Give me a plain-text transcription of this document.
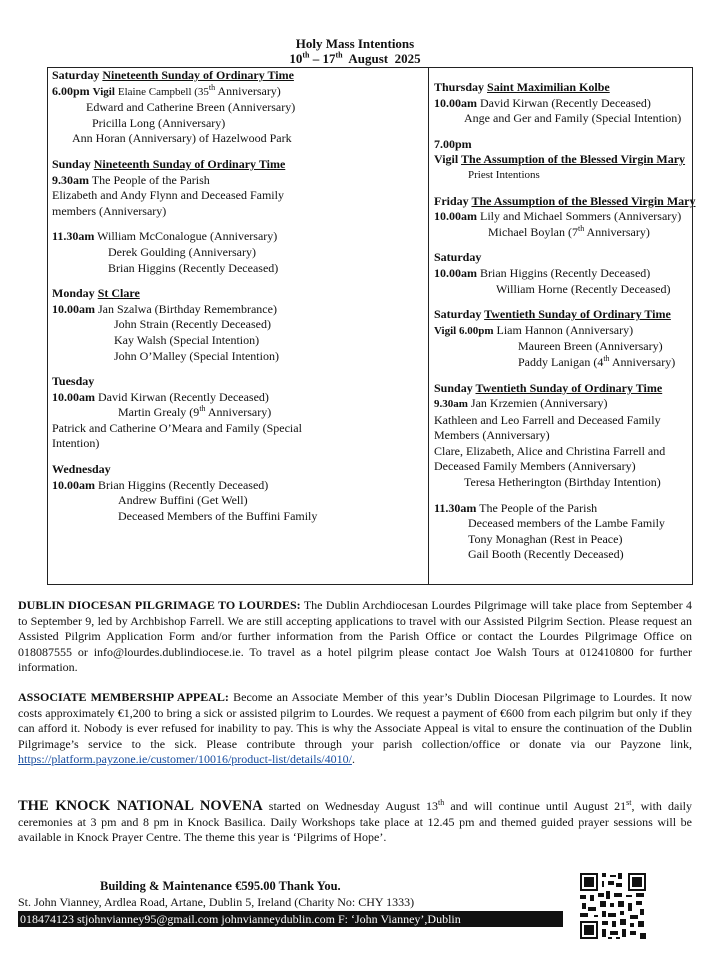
Holy Mass Intentions
10th – 17th  August  2025
Saturday Nineteenth Sunday of Ordinary Time
6.00pm Vigil Elaine Campbell (35th Anniversary)
Edward and Catherine Breen (Anniversary)
Pricilla Long (Anniversary)
Ann Horan (Anniversary) of Hazelwood Park
Sunday Nineteenth Sunday of Ordinary Time
9.30am The People of the Parish
Elizabeth and Andy Flynn and Deceased Family
members (Anniversary)
11.30am William McConalogue (Anniversary)
Derek Goulding (Anniversary)
Brian Higgins (Recently Deceased)
Monday St Clare
10.00am Jan Szalwa (Birthday Remembrance)
John Strain (Recently Deceased)
Kay Walsh (Special Intention)
John O’Malley (Special Intention)
Tuesday
10.00am David Kirwan (Recently Deceased)
Martin Grealy (9th Anniversary)
Patrick and Catherine O’Meara and Family (Special
Intention)
Wednesday
10.00am Brian Higgins (Recently Deceased)
Andrew Buffini (Get Well)
Deceased Members of the Buffini Family
Thursday Saint Maximilian Kolbe
10.00am David Kirwan (Recently Deceased)
Ange and Ger and Family (Special Intention)
7.00pm
Vigil The Assumption of the Blessed Virgin Mary
Priest Intentions
Friday The Assumption of the Blessed Virgin Mary
10.00am Lily and Michael Sommers (Anniversary)
Michael Boylan (7th Anniversary)
Saturday
10.00am Brian Higgins (Recently Deceased)
William Horne (Recently Deceased)
Saturday Twentieth Sunday of Ordinary Time
Vigil 6.00pm Liam Hannon (Anniversary)
Maureen Breen (Anniversary)
Paddy Lanigan (4th Anniversary)
Sunday Twentieth Sunday of Ordinary Time
9.30am Jan Krzemien (Anniversary)
Kathleen and Leo Farrell and Deceased Family
Members (Anniversary)
Clare, Elizabeth, Alice and Christina Farrell and
Deceased Family Members (Anniversary)
Teresa Hetherington (Birthday Intention)
11.30am The People of the Parish
Deceased members of the Lambe Family
Tony Monaghan (Rest in Peace)
Gail Booth (Recently Deceased)
DUBLIN DIOCESAN PILGRIMAGE TO LOURDES: The Dublin Archdiocesan Lourdes Pilgrimage will take place from September 4 to September 9, led by Archbishop Farrell. We are still accepting applications to travel with our Assisted Pilgrim Section. Please request an Assisted Pilgrim Application Form and/or further information from the Parish Office or contact the Lourdes Pilgrimage Office on 018087555 or info@lourdes.dublindiocese.ie. To travel as a hotel pilgrim please contact Joe Walsh Tours at 012410800 for further information.
ASSOCIATE MEMBERSHIP APPEAL: Become an Associate Member of this year’s Dublin Diocesan Pilgrimage to Lourdes. It now costs approximately €1,200 to bring a sick or assisted pilgrim to Lourdes. We request a payment of €600 from each pilgrim but only if they can afford it. Nobody is ever refused for inability to pay. This is why the Associate Appeal is vital to ensure the continuation of the Dublin Pilgrimage’s service to the sick. Please contribute through your parish collection/office or donate via our Payzone link, https://platform.payzone.ie/customer/10016/product-list/details/4010/.
THE KNOCK NATIONAL NOVENA started on Wednesday August 13th and will continue until August 21st, with daily ceremonies at 3 pm and 8 pm in Knock Basilica. Daily Workshops take place at 12.45 pm and themed guided prayer sessions will be available in Knock Prayer Centre. The theme this year is ‘Pilgrims of Hope’.
Building & Maintenance €595.00 Thank You.
St. John Vianney, Ardlea Road, Artane, Dublin 5, Ireland (Charity No: CHY 1333)
018474123 stjohnvianney95@gmail.com johnvianneydublin.com F: ‘John Vianney’,Dublin
